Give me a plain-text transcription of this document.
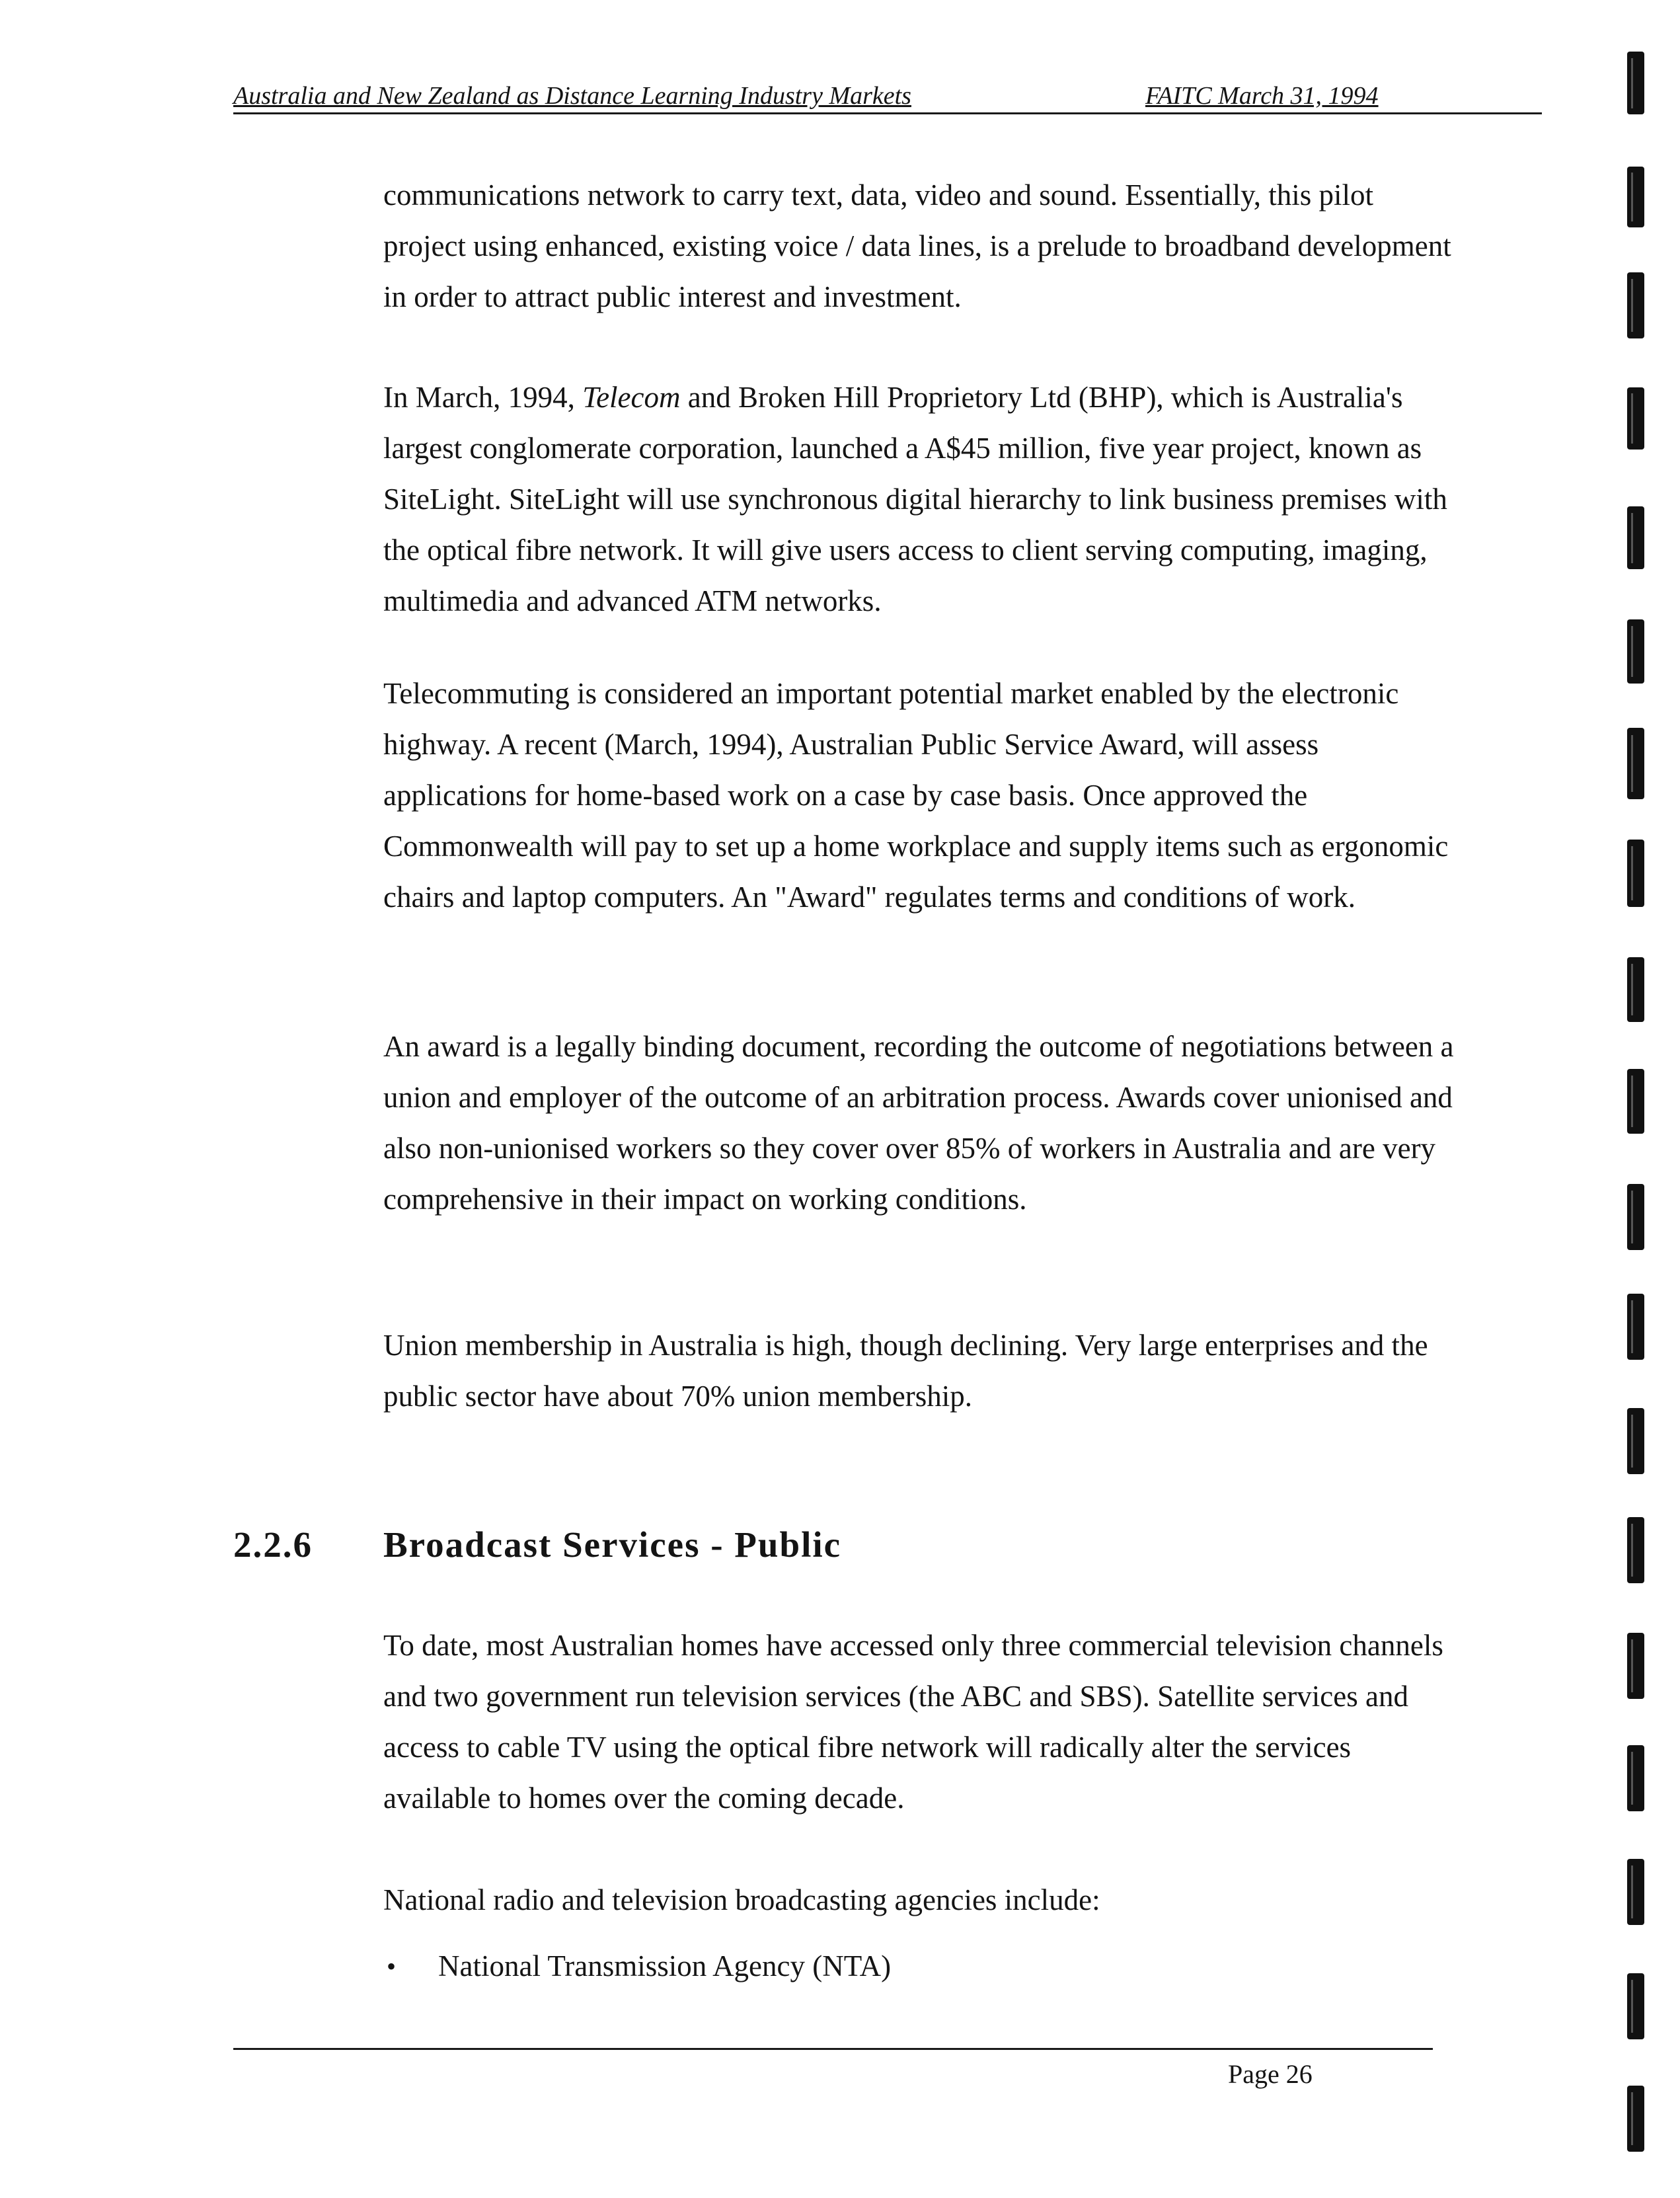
Australia and New Zealand as Distance Learning Industry Markets	FAITC March 31, 1994

communications network to carry text, data, video and sound. Essentially, this pilot project using enhanced, existing voice / data lines, is a prelude to broadband development in order to attract public interest and investment.

In March, 1994, Telecom and Broken Hill Proprietory Ltd (BHP), which is Australia's largest conglomerate corporation, launched a A$45 million, five year project, known as SiteLight. SiteLight will use synchronous digital hierarchy to link business premises with the optical fibre network. It will give users access to client serving computing, imaging, multimedia and advanced ATM networks.

Telecommuting is considered an important potential market enabled by the electronic highway. A recent (March, 1994), Australian Public Service Award, will assess applications for home-based work on a case by case basis. Once approved the Commonwealth will pay to set up a home workplace and supply items such as ergonomic chairs and laptop computers. An "Award" regulates terms and conditions of work.

An award is a legally binding document, recording the outcome of negotiations between a union and employer of the outcome of an arbitration process. Awards cover unionised and also non-unionised workers so they cover over 85% of workers in Australia and are very comprehensive in their impact on working conditions.

Union membership in Australia is high, though declining. Very large enterprises and the public sector have about 70% union membership.

2.2.6 Broadcast Services - Public

To date, most Australian homes have accessed only three commercial television channels and two government run television services (the ABC and SBS). Satellite services and access to cable TV using the optical fibre network will radically alter the services available to homes over the coming decade.

National radio and television broadcasting agencies include:

• National Transmission Agency (NTA)
Page 26
